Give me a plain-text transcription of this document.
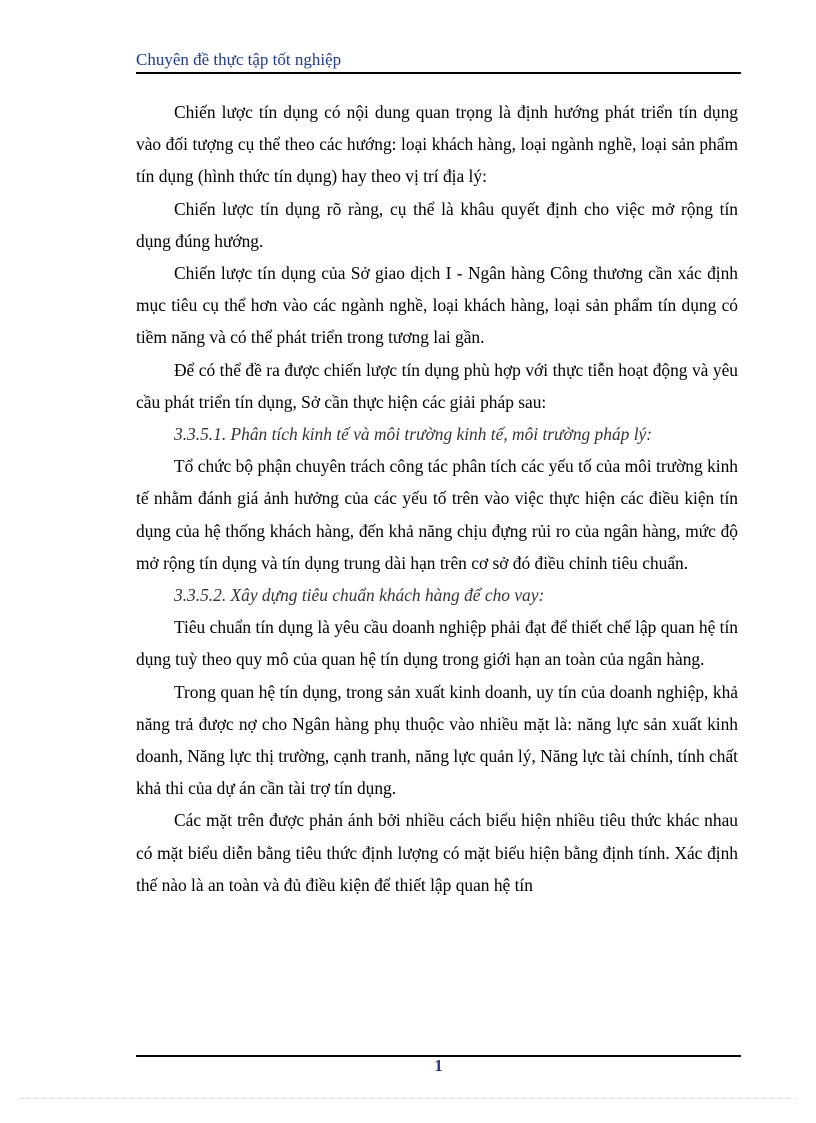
Chuyên đề thực tập tốt nghiệp

Chiến lược tín dụng có nội dung quan trọng là định hướng phát triển tín dụng vào đối tượng cụ thể theo các hướng: loại khách hàng, loại ngành nghề, loại sản phẩm tín dụng (hình thức tín dụng) hay theo vị trí địa lý:

Chiến lược tín dụng rõ ràng, cụ thể là khâu quyết định cho việc mở rộng tín dụng đúng hướng.

Chiến lược tín dụng của Sở giao dịch I - Ngân hàng Công thương cần xác định mục tiêu cụ thể hơn vào các ngành nghề, loại khách hàng, loại sản phẩm tín dụng có tiềm năng và có thể phát triển trong tương lai gần.

Để có thể đề ra được chiến lược tín dụng phù hợp với thực tiễn hoạt động và yêu cầu phát triển tín dụng, Sở cần thực hiện các giải pháp sau:

3.3.5.1. Phân tích kinh tế và môi trường kinh tế, môi trường pháp lý:

Tổ chức bộ phận chuyên trách công tác phân tích các yếu tố của môi trường kinh tế nhằm đánh giá ảnh hưởng của các yếu tố trên vào việc thực hiện các điều kiện tín dụng của hệ thống khách hàng, đến khả năng chịu đựng rủi ro của ngân hàng, mức độ mở rộng tín dụng và tín dụng trung dài hạn trên cơ sở đó điều chỉnh tiêu chuẩn.

3.3.5.2. Xây dựng tiêu chuẩn khách hàng để cho vay:

Tiêu chuẩn tín dụng là yêu cầu doanh nghiệp phải đạt để thiết chế lập quan hệ tín dụng tuỳ theo quy mô của quan hệ tín dụng trong giới hạn an toàn của ngân hàng.

Trong quan hệ tín dụng, trong sản xuất kinh doanh, uy tín của doanh nghiệp, khả năng trả được nợ cho Ngân hàng phụ thuộc vào nhiều mặt là: năng lực sản xuất kinh doanh, Năng lực thị trường, cạnh tranh, năng lực quản lý, Năng lực tài chính, tính chất khả thi của dự án cần tài trợ tín dụng.

Các mặt trên được phản ánh bởi nhiều cách biểu hiện nhiều tiêu thức khác nhau có mặt biểu diễn bằng tiêu thức định lượng có mặt biểu hiện bằng định tính. Xác định thế nào là an toàn và đủ điều kiện để thiết lập quan hệ tín

1
